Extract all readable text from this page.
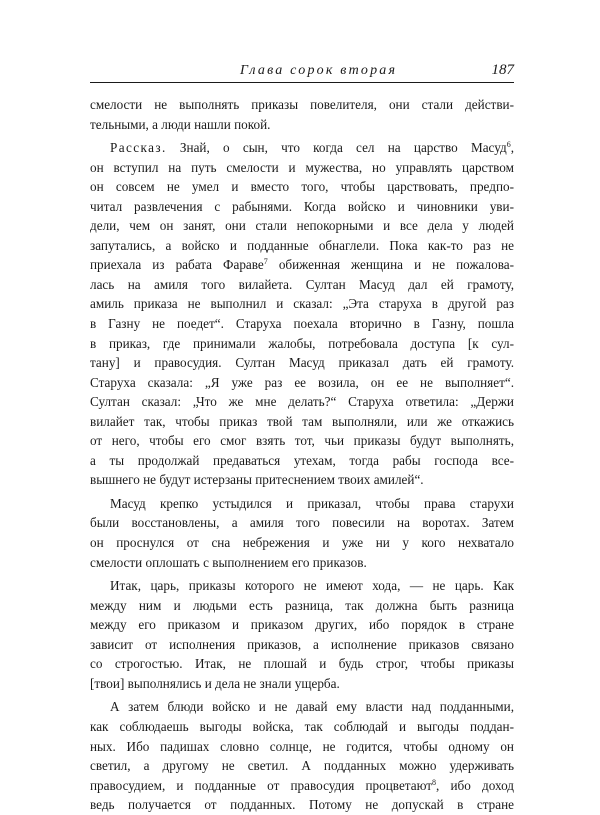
Глава сорок вторая	187
смелости не выполнять приказы повелителя, они стали действи-
тельными, а люди нашли покой.
Рассказ. Знай, о сын, что когда сел на царство Масуд$^6$,
он вступил на путь смелости и мужества, но управлять царством
он совсем не умел и вместо того, чтобы царствовать, предпо-
читал развлечения с рабынями. Когда войско и чиновники уви-
дели, чем он занят, они стали непокорными и все дела у людей
запутались, а войско и подданные обнаглели. Пока как-то раз не
приехала из рабата Фараве$^7$ обиженная женщина и не пожалова-
лась на амиля того вилайета. Султан Масуд дал ей грамоту,
амиль приказа не выполнил и сказал: „Эта старуха в другой раз
в Газну не поедет“. Старуха поехала вторично в Газну, пошла
в приказ, где принимали жалобы, потребовала доступа [к сул-
тану] и правосудия. Султан Масуд приказал дать ей грамоту.
Старуха сказала: „Я уже раз ее возила, он ее не выполняет“.
Султан сказал: „Что же мне делать?“ Старуха ответила: „Держи
вилайет так, чтобы приказ твой там выполняли, или же откажись
от него, чтобы его смог взять тот, чьи приказы будут выполнять,
а ты продолжай предаваться утехам, тогда рабы господа все-
вышнего не будут истерзаны притеснением твоих амилей“.
Масуд крепко устыдился и приказал, чтобы права старухи
были восстановлены, а амиля того повесили на воротах. Затем
он проснулся от сна небрежения и уже ни у кого нехватало
смелости оплошать с выполнением его приказов.
Итак, царь, приказы которого не имеют хода, — не царь. Как
между ним и людьми есть разница, так должна быть разница
между его приказом и приказом других, ибо порядок в стране
зависит от исполнения приказов, а исполнение приказов связано
со строгостью. Итак, не плошай и будь строг, чтобы приказы
[твои] выполнялись и дела не знали ущерба.
А затем блюди войско и не давай ему власти над подданными,
как соблюдаешь выгоды войска, так соблюдай и выгоды поддан-
ных. Ибо падишах словно солнце, не годится, чтобы одному он
светил, а другому не светил. А подданных можно удерживать
правосудием, и подданные от правосудия процветают$^8$, ибо доход
ведь получается от подданных. Потому не допускай в стране
